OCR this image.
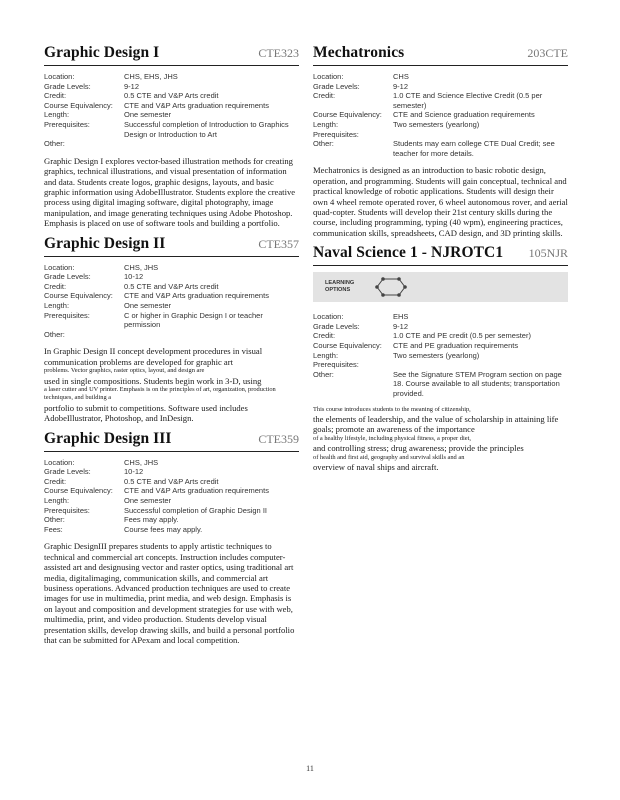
Graphic Design I	CTE323
Location:	CHS, EHS, JHS
Grade Levels:	9-12
Credit:	0.5 CTE and V&P Arts credit
Course Equivalency:	CTE and V&P Arts graduation requirements
Length:	One semester
Prerequisites:	Successful completion of Introduction to Graphics Design or Introduction to Art
Other:
Graphic Design I explores vector-based illustration methods for creating graphics, technical illustrations, and visual presentation of information and data. Students create logos, graphic designs, layouts, and basic graphic information using AdobeIllustrator. Students explore the creative process using digital imaging software, digital photography, image manipulation, and image generating techniques using Adobe Photoshop. Emphasis is placed on use of software tools and building a portfolio.
Graphic Design II	CTE357
Location:	CHS, JHS
Grade Levels:	10-12
Credit:	0.5 CTE and V&P Arts credit
Course Equivalency:	CTE and V&P Arts graduation requirements
Length:	One semester
Prerequisites:	C or higher in Graphic Design I or teacher permission
Other:
In Graphic Design II concept development procedures in visual communication problems are developed for graphic art
problems. Vector graphics, raster optics, layout, and design are
used in single compositions. Students begin work in 3-D, using
a laser cutter and UV printer. Emphasis is on the principles of art, organization, production techniques, and building a
portfolio to submit to competitions. Software used includes AdobeIllustrator, Photoshop, and InDesign.
Graphic Design III	CTE359
Location:	CHS, JHS
Grade Levels:	10-12
Credit:	0.5 CTE and V&P Arts credit
Course Equivalency:	CTE and V&P Arts graduation requirements
Length:	One semester
Prerequisites:	Successful completion of Graphic Design II
Other:	Fees may apply.
Fees:	Course fees may apply.
Graphic DesignIII prepares students to apply artistic techniques to technical and commercial art concepts. Instruction includes computer-assisted art and designusing vector and raster optics, using traditional art media, digitalimaging, communication skills, and commercial art business operations. Advanced production techniques are used to create images for use in multimedia, print media, and web design. Emphasis is on layout and composition and development strategies for use with web, multimedia, print, and video production. Students develop visual presentation skills, develop drawing skills, and build a personal portfolio that can be submitted for APexam and local competition.
Mechatronics	203CTE
Location:	CHS
Grade Levels:	9-12
Credit:	1.0 CTE and Science Elective Credit (0.5 per semester)
Course Equivalency:	CTE and Science graduation requirements
Length:	Two semesters (yearlong)
Prerequisites:
Other:	Students may earn college CTE Dual Credit; see teacher for more details.
Mechatronics is designed as an introduction to basic robotic design, operation, and programming. Students will gain conceptual, technical and practical knowledge of robotic applications. Students will design their own 4 wheel remote operated rover, 6 wheel autonomous rover, and aerial quad-copter. Students will develop their 21st century skills during the course, including programming, typing (40 wpm), engineering practices, communication skills, spreadsheets, CAD design, and 3D printing skills.
Naval Science 1 - NJROTC1 105NJR
LEARNING OPTIONS
Location:	EHS
Grade Levels:	9-12
Credit:	1.0 CTE and PE credit (0.5 per semester)
Course Equivalency:	CTE and PE graduation requirements
Length:	Two semesters (yearlong)
Prerequisites:
Other:	See the Signature STEM Program section on page 18. Course available to all students; transportation provided.
This course introduces students to the meaning of citizenship,
the elements of leadership, and the value of scholarship in attaining life goals; promote an awareness of the importance
of a healthy lifestyle, including physical fitness, a proper diet,
and controlling stress; drug awareness; provide the principles
of health and first aid, geography and survival skills and an
overview of naval ships and aircraft.
11
